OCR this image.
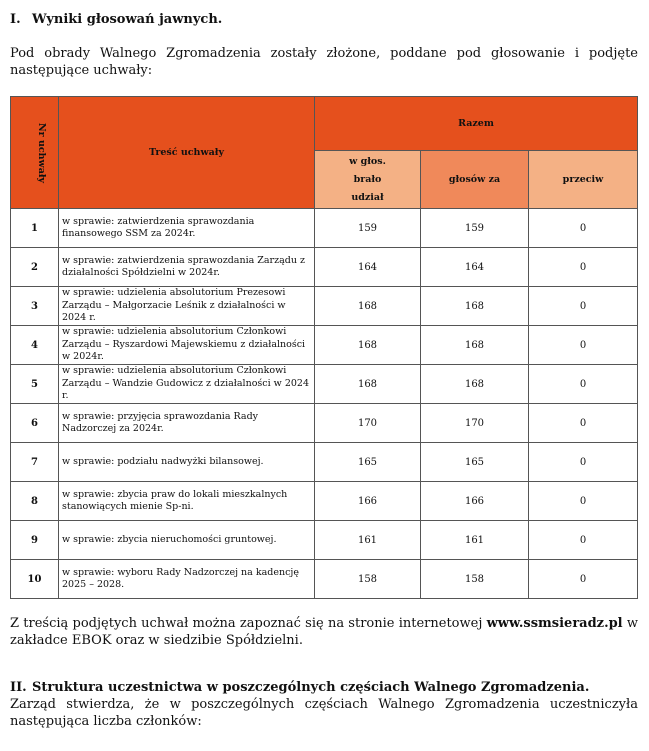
I. Wyniki głosowań jawnych.
Pod obrady Walnego Zgromadzenia zostały złożone, poddane pod głosowanie i podjęte następujące uchwały:
Nr uchwały	Treść uchwały	Razem		

		w głos. brało udział	głosów za	przeciw
1	w sprawie: zatwierdzenia sprawozdania finansowego SSM za 2024r.	159	159	0
2	w sprawie: zatwierdzenia sprawozdania Zarządu z działalności Spółdzielni w 2024r.	164	164	0
3	w sprawie: udzielenia absolutorium Prezesowi Zarządu – Małgorzacie Leśnik z działalności w 2024 r.	168	168	0
4	w sprawie: udzielenia absolutorium Członkowi Zarządu – Ryszardowi Majewskiemu z działalności w 2024r.	168	168	0
5	w sprawie: udzielenia absolutorium Członkowi Zarządu – Wandzie Gudowicz z działalności w 2024 r.	168	168	0
6	w sprawie: przyjęcia sprawozdania Rady Nadzorczej za 2024r.	170	170	0
7	w sprawie: podziału nadwyżki bilansowej.	165	165	0
8	w sprawie: zbycia praw do lokali mieszkalnych stanowiących mienie Sp-ni.	166	166	0
9	w sprawie: zbycia nieruchomości gruntowej.	161	161	0
10	w sprawie: wyboru Rady Nadzorczej na kadencję 2025 – 2028.	158	158	0
Z treścią podjętych uchwał można zapoznać się na stronie internetowej www.ssmsieradz.pl w zakładce EBOK oraz w siedzibie Spółdzielni.
II. Struktura uczestnictwa w poszczególnych częściach Walnego Zgromadzenia.
Zarząd stwierdza, że w poszczególnych częściach Walnego Zgromadzenia uczestniczyła następująca liczba członków:
